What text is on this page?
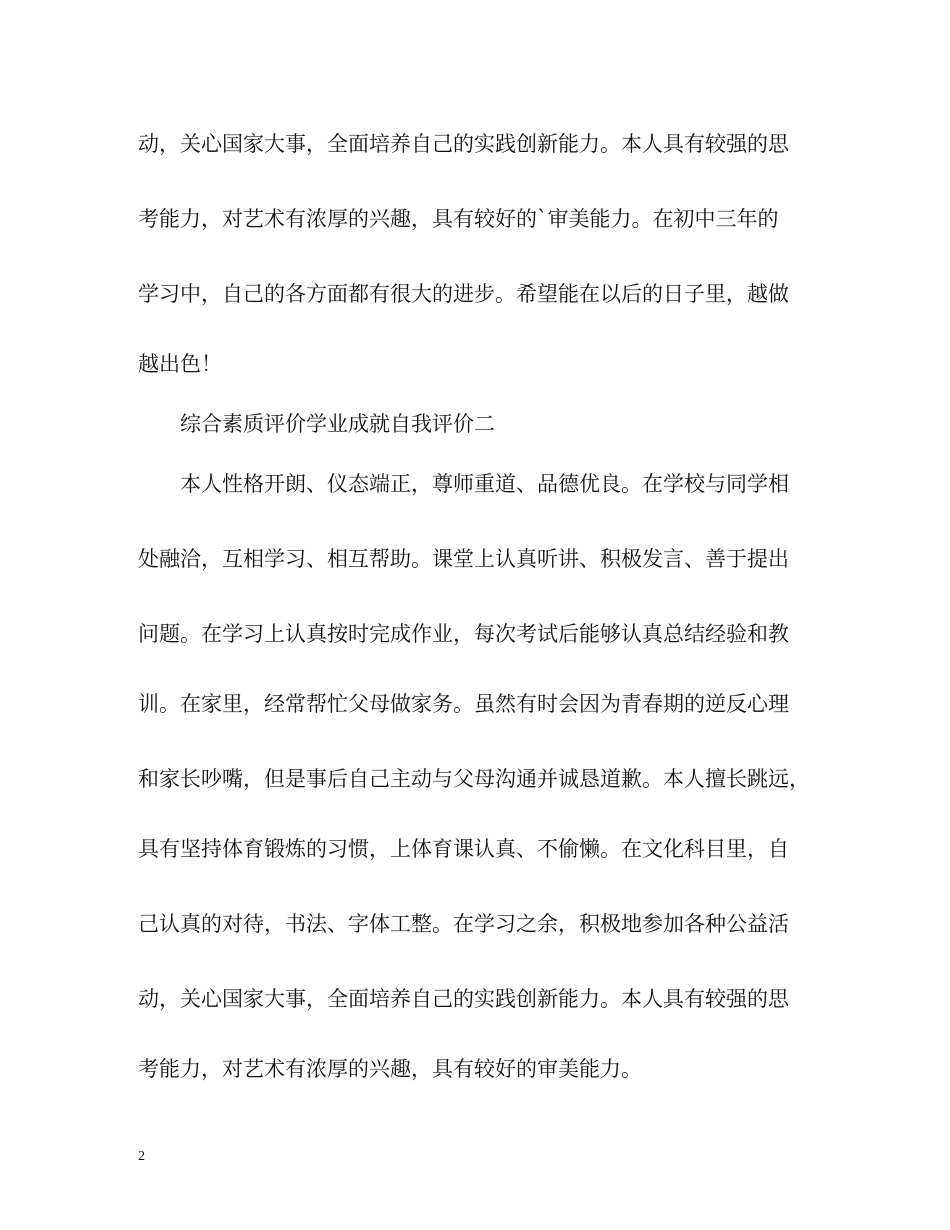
动，关心国家大事，全面培养自己的实践创新能力。本人具有较强的思
考能力，对艺术有浓厚的兴趣，具有较好的`审美能力。在初中三年的
学习中，自己的各方面都有很大的进步。希望能在以后的日子里，越做
越出色！
综合素质评价学业成就自我评价二
本人性格开朗、仪态端正，尊师重道、品德优良。在学校与同学相
处融洽，互相学习、相互帮助。课堂上认真听讲、积极发言、善于提出
问题。在学习上认真按时完成作业，每次考试后能够认真总结经验和教
训。在家里，经常帮忙父母做家务。虽然有时会因为青春期的逆反心理
和家长吵嘴，但是事后自己主动与父母沟通并诚恳道歉。本人擅长跳远，
具有坚持体育锻炼的习惯，上体育课认真、不偷懒。在文化科目里，自
己认真的对待，书法、字体工整。在学习之余，积极地参加各种公益活
动，关心国家大事，全面培养自己的实践创新能力。本人具有较强的思
考能力，对艺术有浓厚的兴趣，具有较好的审美能力。
2
